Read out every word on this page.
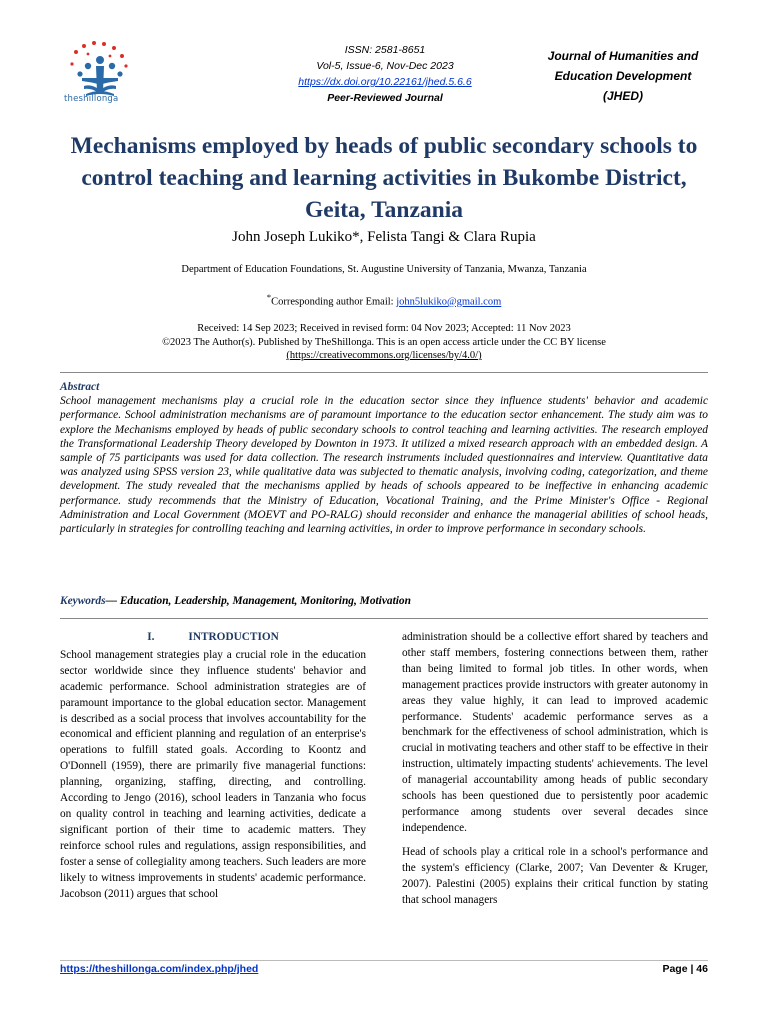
theshillonga
ISSN: 2581-8651
Vol-5, Issue-6, Nov-Dec 2023
https://dx.doi.org/10.22161/jhed.5.6.6
Peer-Reviewed Journal
Journal of Humanities and
Education Development
(JHED)
Mechanisms employed by heads of public secondary schools to control teaching and learning activities in Bukombe District, Geita, Tanzania
John Joseph Lukiko*, Felista Tangi & Clara Rupia
Department of Education Foundations, St. Augustine University of Tanzania, Mwanza, Tanzania
*Corresponding author Email: john5lukiko@gmail.com
Received: 14 Sep 2023; Received in revised form: 04 Nov 2023; Accepted: 11 Nov 2023
©2023 The Author(s). Published by TheShillonga. This is an open access article under the CC BY license
(https://creativecommons.org/licenses/by/4.0/)
Abstract
School management mechanisms play a crucial role in the education sector since they influence students' behavior and academic performance. School administration mechanisms are of paramount importance to the education sector enhancement. The study aim was to explore the Mechanisms employed by heads of public secondary schools to control teaching and learning activities. The research employed the Transformational Leadership Theory developed by Downton in 1973. It utilized a mixed research approach with an embedded design. A sample of 75 participants was used for data collection. The research instruments included questionnaires and interview. Quantitative data was analyzed using SPSS version 23, while qualitative data was subjected to thematic analysis, involving coding, categorization, and theme development. The study revealed that the mechanisms applied by heads of schools appeared to be ineffective in enhancing academic performance. study recommends that the Ministry of Education, Vocational Training, and the Prime Minister's Office - Regional Administration and Local Government (MOEVT and PO-RALG) should reconsider and enhance the managerial abilities of school heads, particularly in strategies for controlling teaching and learning activities, in order to improve performance in secondary schools.
Keywords— Education, Leadership, Management, Monitoring, Motivation
I.	INTRODUCTION

School management strategies play a crucial role in the education sector worldwide since they influence students' behavior and academic performance. School administration strategies are of paramount importance to the global education sector. Management is described as a social process that involves accountability for the economical and efficient planning and regulation of an enterprise's operations to fulfill stated goals. According to Koontz and O'Donnell (1959), there are primarily five managerial functions: planning, organizing, staffing, directing, and controlling. According to Jengo (2016), school leaders in Tanzania who focus on quality control in teaching and learning activities, dedicate a significant portion of their time to academic matters. They reinforce school rules and regulations, assign responsibilities, and foster a sense of collegiality among teachers. Such leaders are more likely to witness improvements in students' academic performance. Jacobson (2011) argues that school

administration should be a collective effort shared by teachers and other staff members, fostering connections between them, rather than being limited to formal job titles. In other words, when management practices provide instructors with greater autonomy in areas they value highly, it can lead to improved academic performance. Students' academic performance serves as a benchmark for the effectiveness of school administration, which is crucial in motivating teachers and other staff to be effective in their instruction, ultimately impacting students' achievements. The level of managerial accountability among heads of public secondary schools has been questioned due to persistently poor academic performance among students over several decades since independence.

Head of schools play a critical role in a school's performance and the system's efficiency (Clarke, 2007; Van Deventer & Kruger, 2007). Palestini (2005) explains their critical function by stating that school managers

https://theshillonga.com/index.php/jhed	Page | 46
